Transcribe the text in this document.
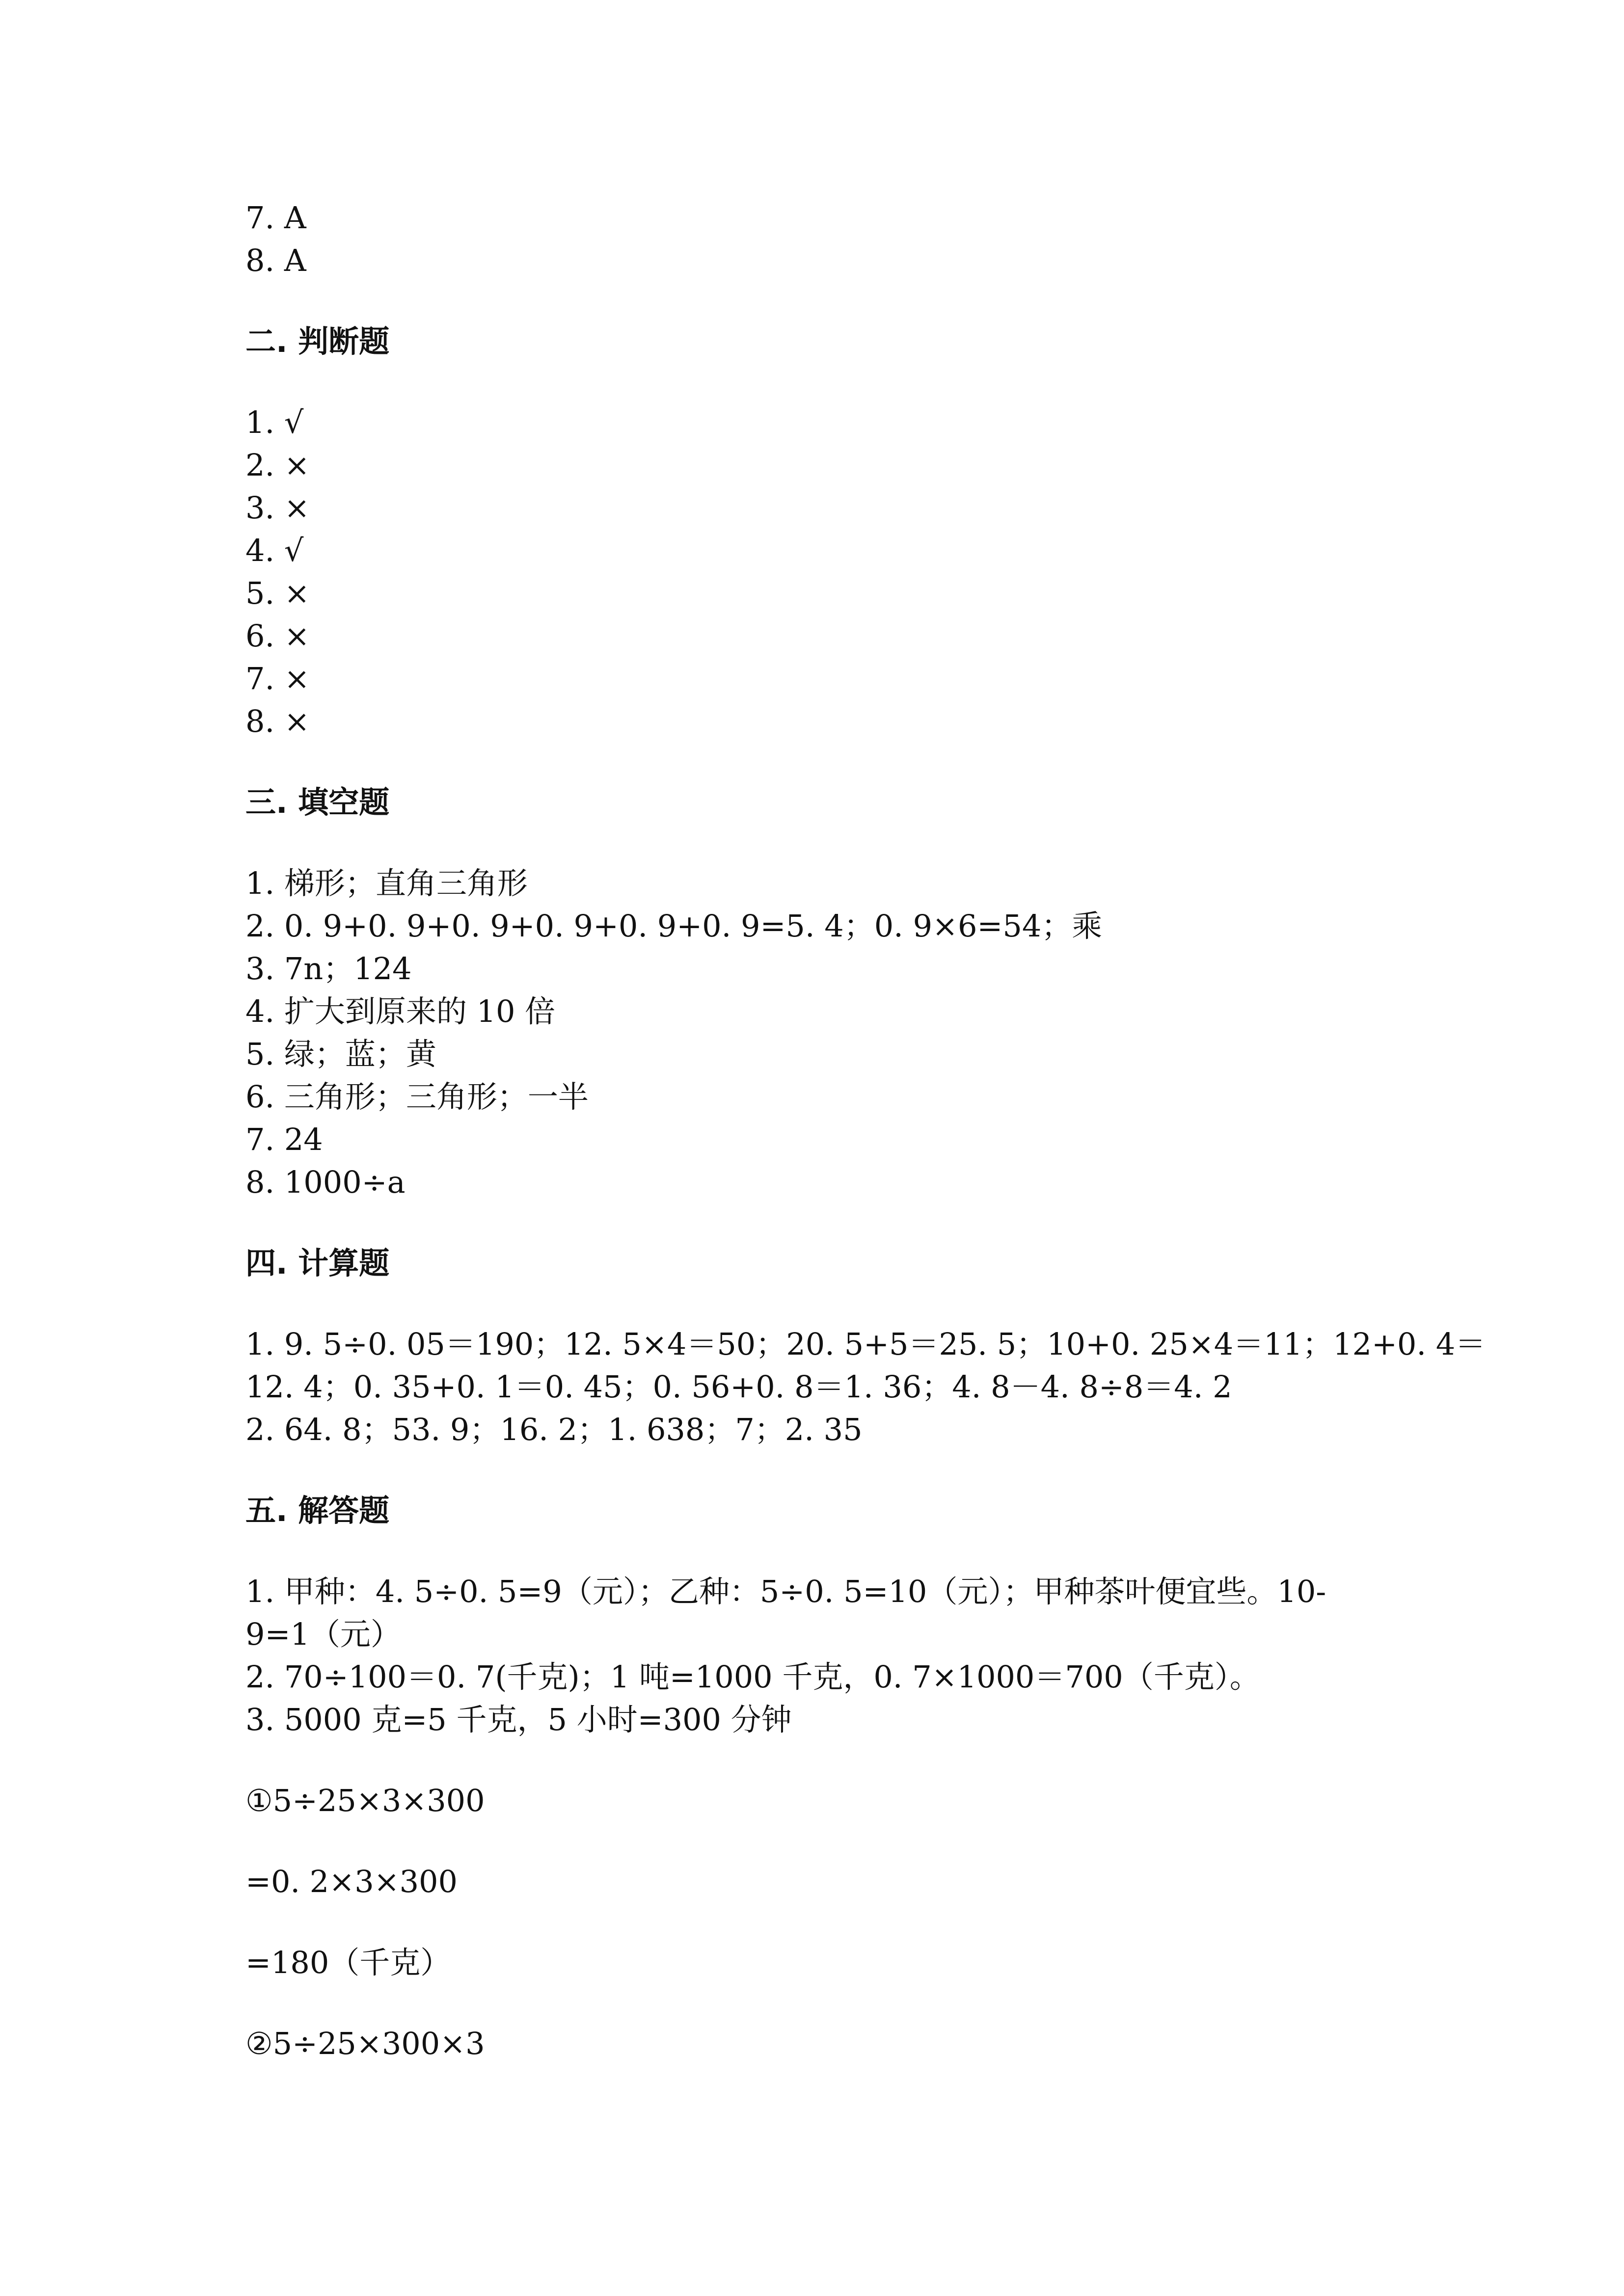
7. A
8. A
二. 判断题
1. √
2. ×
3. ×
4. √
5. ×
6. ×
7. ×
8. ×
三. 填空题
1. 梯形；直角三角形
2. 0. 9+0. 9+0. 9+0. 9+0. 9+0. 9=5. 4；0. 9×6=54；乘
3. 7n；124
4. 扩大到原来的 10 倍
5. 绿；蓝；黄
6. 三角形；三角形；一半
7. 24
8. 1000÷a
四. 计算题
1. 9. 5÷0. 05＝190；12. 5×4＝50；20. 5+5＝25. 5；10+0. 25×4＝11；12+0. 4＝
12. 4；0. 35+0. 1＝0. 45；0. 56+0. 8＝1. 36；4. 8－4. 8÷8＝4. 2
2. 64. 8；53. 9；16. 2；1. 638；7；2. 35
五. 解答题
1. 甲种：4. 5÷0. 5=9（元）；乙种：5÷0. 5=10（元）；甲种茶叶便宜些。10-
9=1（元）
2. 70÷100＝0. 7(千克)；1 吨=1000 千克，0. 7×1000＝700（千克）。
3. 5000 克=5 千克，5 小时=300 分钟
①5÷25×3×300
=0. 2×3×300
=180（千克）
②5÷25×300×3
